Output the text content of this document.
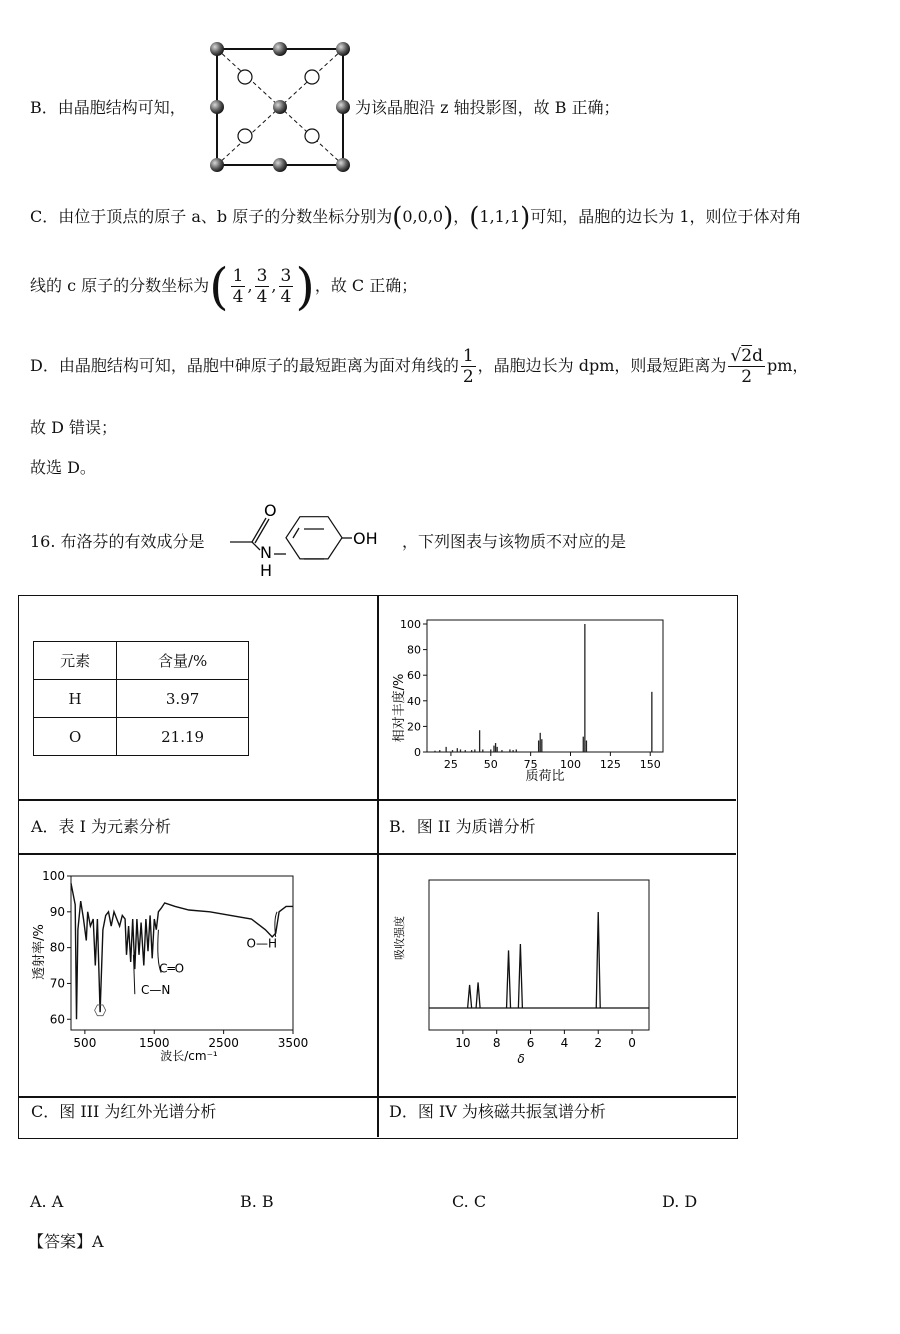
B．由晶胞结构可知，	为该晶胞沿 z 轴投影图，故 B 正确；
C．由位于顶点的原子 a、b 原子的分数坐标分别为(0,0,0)，(1,1,1)可知，晶胞的边长为 1，则位于体对角
线的 c 原子的分数坐标为( $\frac{1}{4}$ , $\frac{3}{4}$ , $\frac{3}{4}$ )，故 C 正确；
D．由晶胞结构可知，晶胞中砷原子的最短距离为面对角线的 $\frac{1}{2}$ ，晶胞边长为 dpm，则最短距离为 $\frac{√2d}{2}$ pm，
故 D 错误；
故选 D。
16. 布洛芬的有效成分是
O
N
H
OH ，下列图表与该物质不对应的是
元素	含量/%
H	3.97
O	21.19	相对丰度/%
质荷比
0
20
40
60
80
100
25 50 75 100 125 150
透射率/%
波长/cm⁻¹
60
70
80
90
100
500	1500	2500	3500
O—H
C═O
C—N
吸收强度
δ
10 8 6 4 2 0
A．表 I 为元素分析	B．图 II 为质谱分析
C．图 III 为红外光谱分析	D．图 IV 为核磁共振氢谱分析
A. A	B. B	C. C	D. D
【答案】A
